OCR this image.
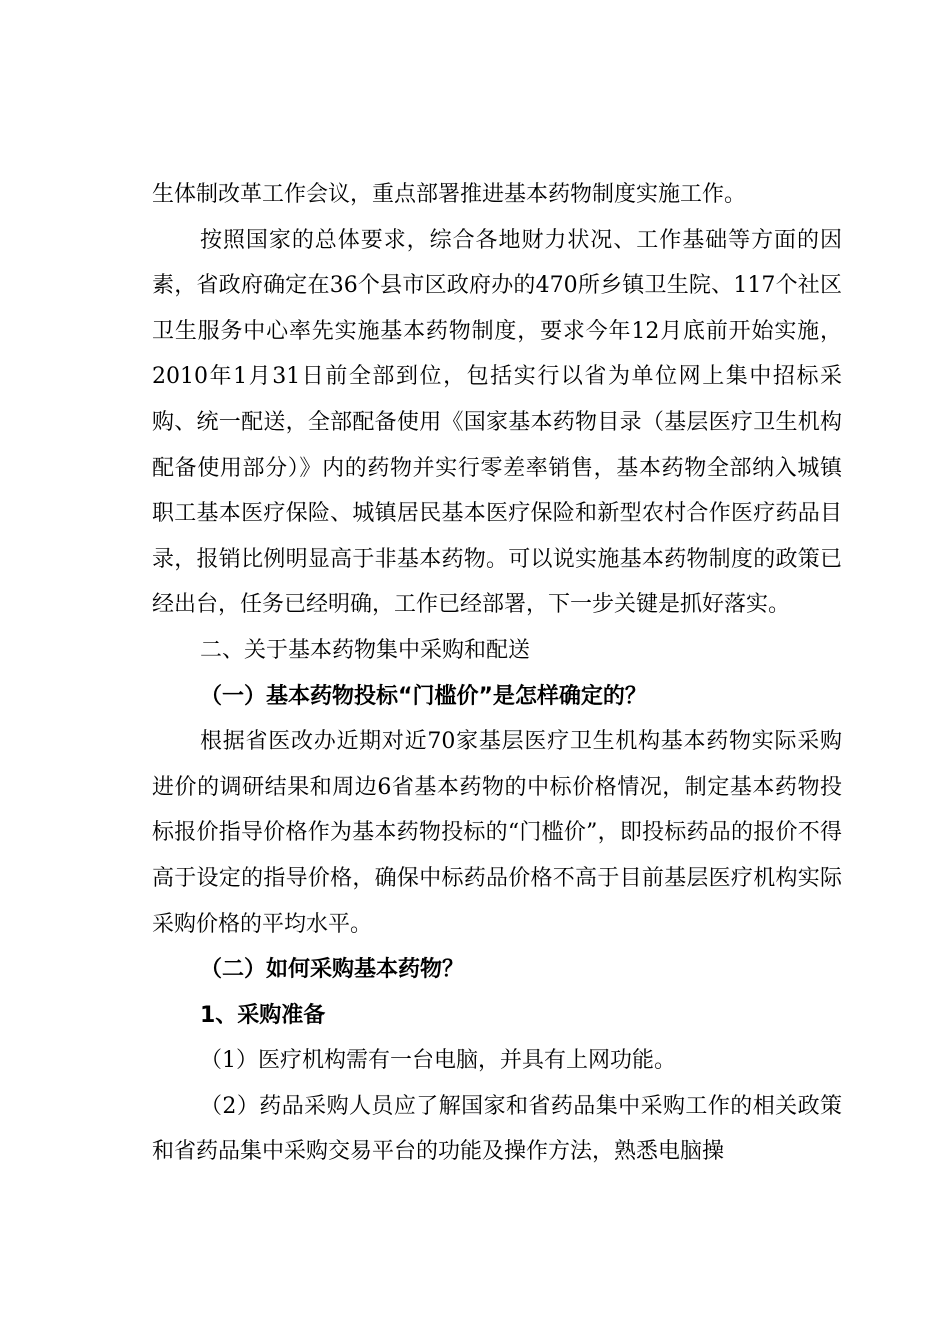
生体制改革工作会议，重点部署推进基本药物制度实施工作。

按照国家的总体要求，综合各地财力状况、工作基础等方面的因素，省政府确定在36个县市区政府办的470所乡镇卫生院、117个社区卫生服务中心率先实施基本药物制度，要求今年12月底前开始实施，2010年1月31日前全部到位，包括实行以省为单位网上集中招标采购、统一配送，全部配备使用《国家基本药物目录（基层医疗卫生机构配备使用部分）》内的药物并实行零差率销售，基本药物全部纳入城镇职工基本医疗保险、城镇居民基本医疗保险和新型农村合作医疗药品目录，报销比例明显高于非基本药物。可以说实施基本药物制度的政策已经出台，任务已经明确，工作已经部署，下一步关键是抓好落实。

二、关于基本药物集中采购和配送

（一）基本药物投标“门槛价”是怎样确定的？

根据省医改办近期对近70家基层医疗卫生机构基本药物实际采购进价的调研结果和周边6省基本药物的中标价格情况，制定基本药物投标报价指导价格作为基本药物投标的“门槛价”，即投标药品的报价不得高于设定的指导价格，确保中标药品价格不高于目前基层医疗机构实际采购价格的平均水平。

（二）如何采购基本药物？

1、采购准备

（1）医疗机构需有一台电脑，并具有上网功能。

（2）药品采购人员应了解国家和省药品集中采购工作的相关政策和省药品集中采购交易平台的功能及操作方法，熟悉电脑操
